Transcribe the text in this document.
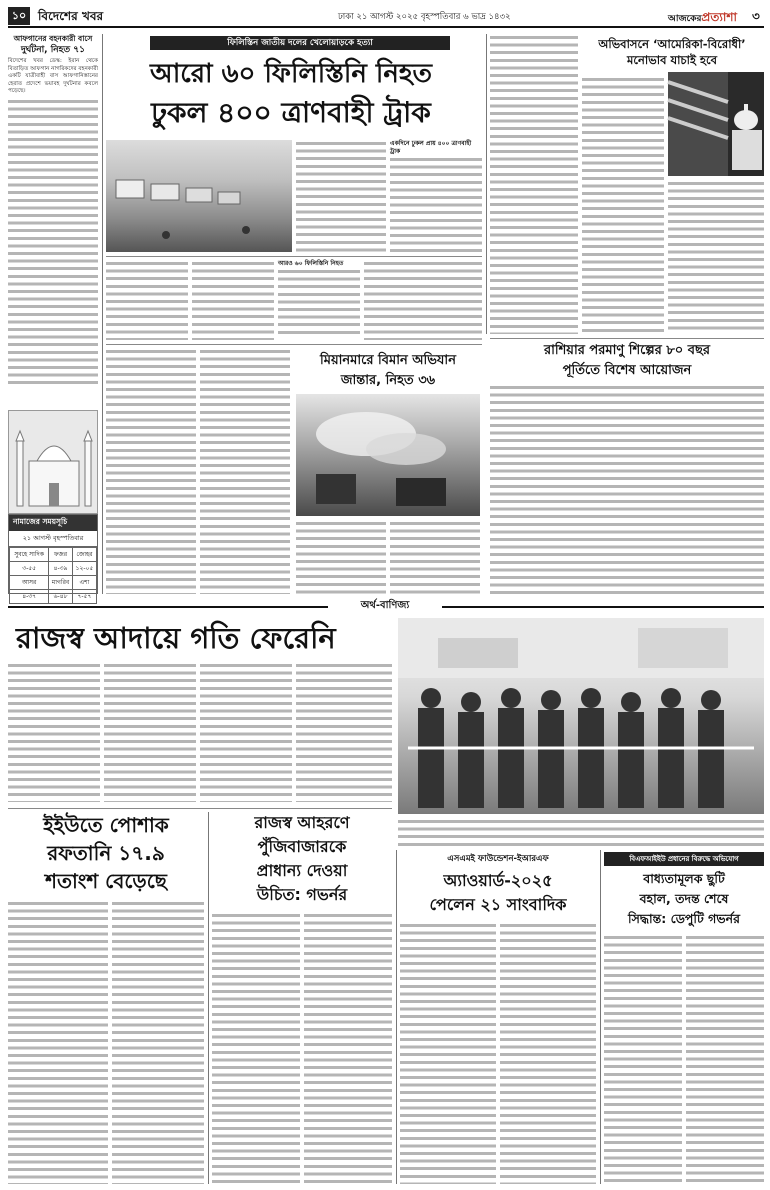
১০ বিদেশের খবর	ঢাকা ২১ আগস্ট ২০২৫ বৃহস্পতিবার ৬ ভাদ্র ১৪৩২	আজকেরপ্রত্যাশা	৩
আফগানের বহনকারী বাসে
দুর্ঘটনা, নিহত ৭১
বিদেশের খবর ডেস্ক: ইরান থেকে বিতাড়িত আফগান নাগরিকদের বহনকারী একটি যাত্রীবাহী বাস আফগানিস্তানের হেরাত প্রদেশে ভয়াবহ দুর্ঘটনার কবলে পড়েছে।
নামাজের সময়সূচি
২১ আগস্ট বৃহস্পতিবার
সুবহে সাদিক	ফজর	জোহর
৩-৫৫	৪-৩৯	১২-০৫
আসর	মাগরিব	এশা
৪-৩৭	৬-৪৮	৭-৫৭
ফিলিস্তিন জাতীয় দলের খেলোয়াড়কে হত্যা
আরো ৬০ ফিলিস্তিনি নিহত
ঢুকল ৪০০ ত্রাণবাহী ট্রাক
একদিনে ঢুকল প্রায় ৪০০ ত্রাণবাহী ট্রাক
আরও ৬০ ফিলিস্তিনি নিহত
মিয়ানমারে বিমান অভিযান
জান্তার, নিহত ৩৬
অভিবাসনে ‘আমেরিকা-বিরোধী’ মনোভাব যাচাই হবে
রাশিয়ার পরমাণু শিল্পের ৮০ বছর
পূর্তিতে বিশেষ আয়োজন
অর্থ-বাণিজ্য
রাজস্ব আদায়ে গতি ফেরেনি
ইইউতে পোশাক
রফতানি ১৭.৯
শতাংশ বেড়েছে
রাজস্ব আহরণে
পুঁজিবাজারকে
প্রাধান্য দেওয়া
উচিত: গভর্নর
এসএমই ফাউন্ডেশন-ইআরএফ
অ্যাওয়ার্ড-২০২৫
পেলেন ২১ সাংবাদিক
বিএফআইইউ প্রধানের বিরুদ্ধে অভিযোগ
বাধ্যতামূলক ছুটি
বহাল, তদন্ত শেষে
সিদ্ধান্ত: ডেপুটি গভর্নর
